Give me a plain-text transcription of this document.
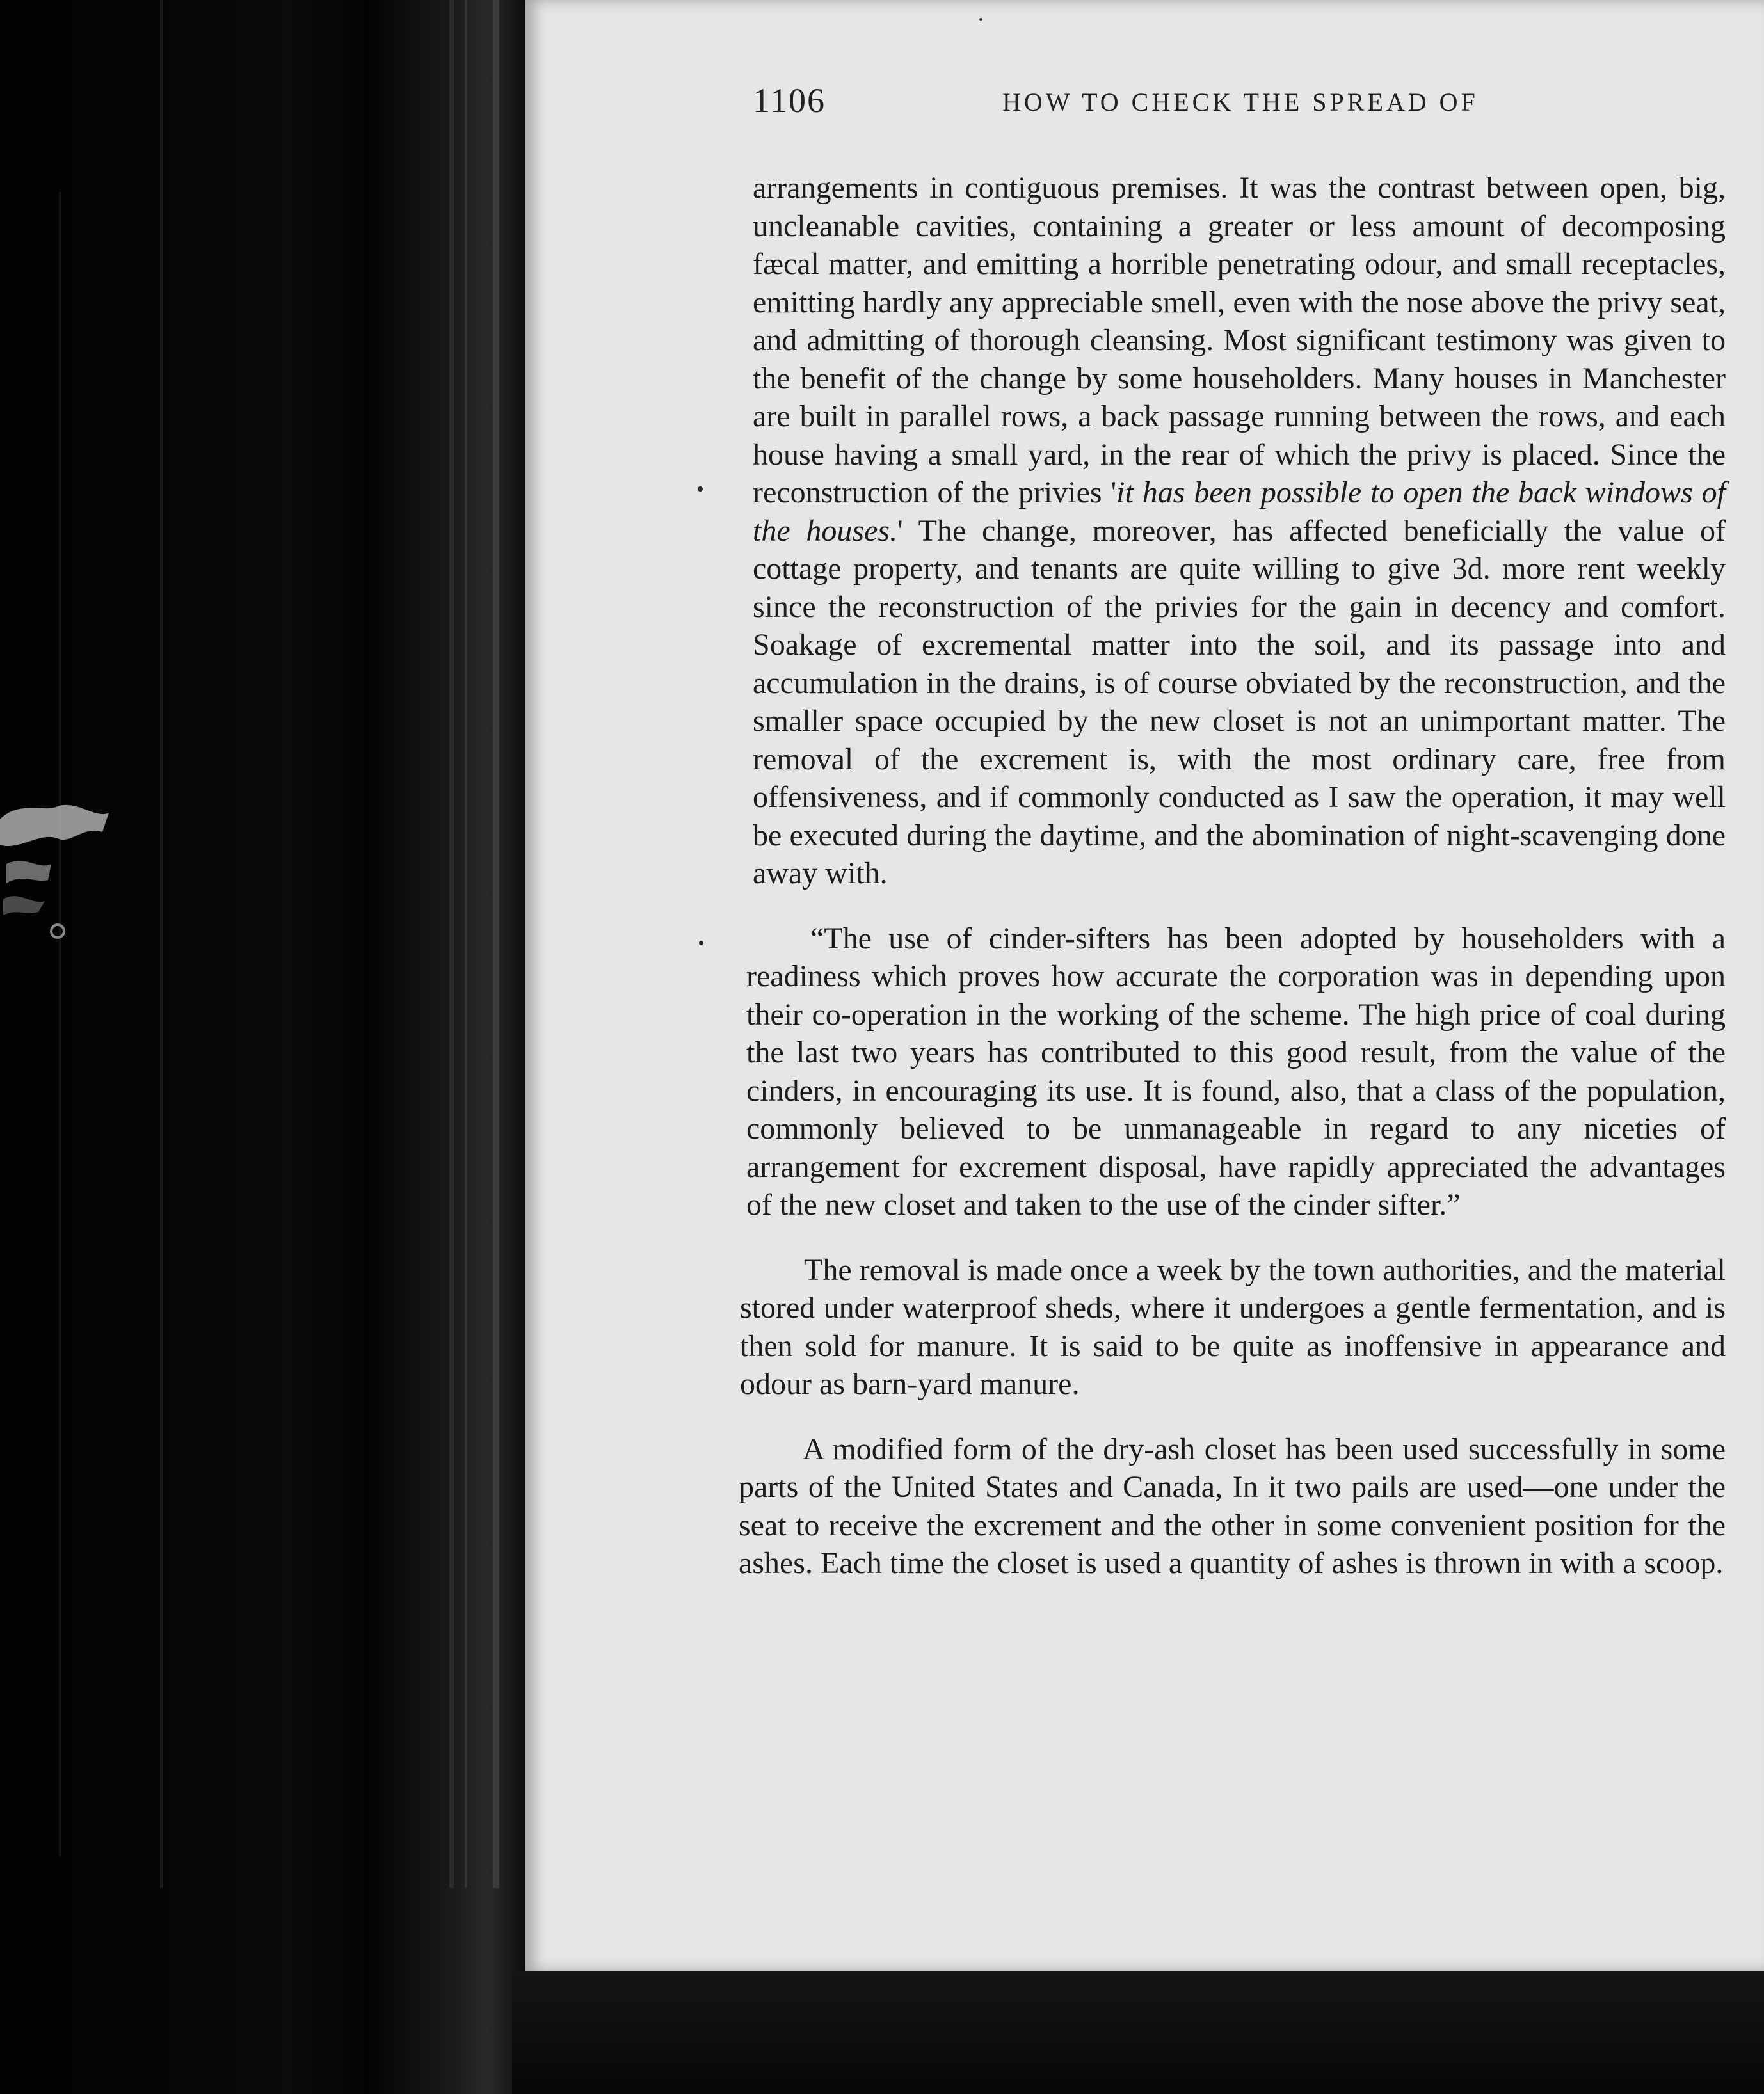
1106	HOW TO CHECK THE SPREAD OF

arrangements in contiguous premises. It was the contrast between open, big, uncleanable cavities, containing a greater or less amount of decomposing fæcal matter, and emitting a horrible penetrating odour, and small receptacles, emitting hardly any appreciable smell, even with the nose above the privy seat, and admitting of thorough cleansing. Most significant testimony was given to the benefit of the change by some householders. Many houses in Manchester are built in parallel rows, a back passage running between the rows, and each house having a small yard, in the rear of which the privy is placed. Since the reconstruction of the privies 'it has been possible to open the back windows of the houses.' The change, moreover, has affected beneficially the value of cottage property, and tenants are quite willing to give 3d. more rent weekly since the reconstruction of the privies for the gain in decency and comfort. Soakage of excremental matter into the soil, and its passage into and accumulation in the drains, is of course obviated by the reconstruction, and the smaller space occupied by the new closet is not an unimportant matter. The removal of the excrement is, with the most ordinary care, free from offensiveness, and if commonly conducted as I saw the operation, it may well be executed during the daytime, and the abomination of night-scavenging done away with.

“The use of cinder-sifters has been adopted by householders with a readiness which proves how accurate the corporation was in depending upon their co-operation in the working of the scheme. The high price of coal during the last two years has contributed to this good result, from the value of the cinders, in encouraging its use. It is found, also, that a class of the population, commonly believed to be unmanageable in regard to any niceties of arrangement for excrement disposal, have rapidly appreciated the advantages of the new closet and taken to the use of the cinder sifter.”

The removal is made once a week by the town authorities, and the material stored under waterproof sheds, where it undergoes a gentle fermentation, and is then sold for manure. It is said to be quite as inoffensive in appearance and odour as barn-yard manure.

A modified form of the dry-ash closet has been used successfully in some parts of the United States and Canada, In it two pails are used—one under the seat to receive the excrement and the other in some convenient position for the ashes. Each time the closet is used a quantity of ashes is thrown in with a scoop.
